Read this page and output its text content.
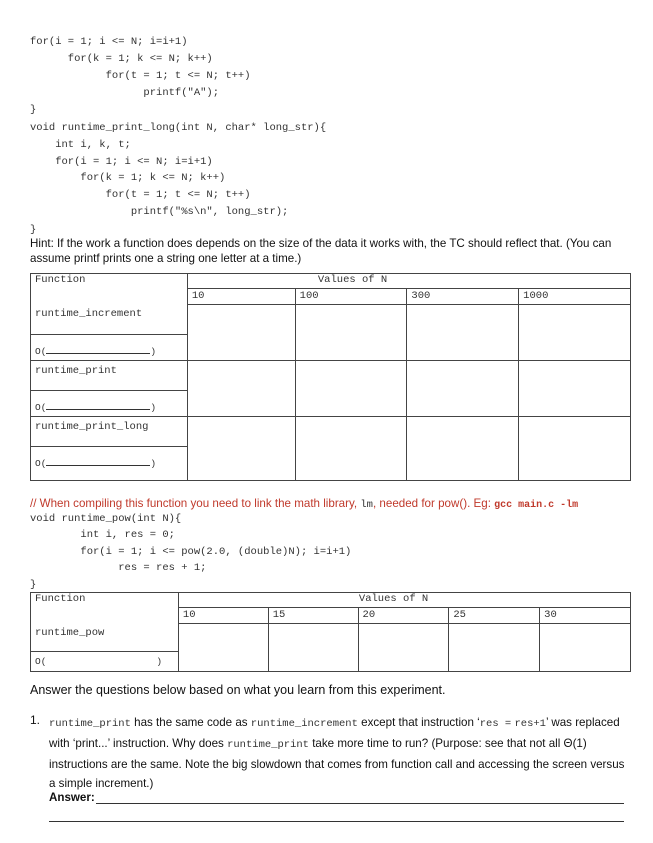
for(i = 1; i <= N; i=i+1)
for(k = 1; k <= N; k++)
for(t = 1; t <= N; t++)
printf("A");
}
void runtime_print_long(int N, char* long_str){
int i, k, t;
for(i = 1; i <= N; i=i+1)
for(k = 1; k <= N; k++)
for(t = 1; t <= N; t++)
printf("%s\n", long_str);
}
Hint: If the work a function does depends on the size of the data it works with, the TC should reflect that. (You can assume printf prints one a string one letter at a time.)
Function	Values of N			

	10	100	300	1000

runtime_increment				

O( )				

runtime_print				

O( )				

runtime_print_long				

O( )				
// When compiling this function you need to link the math library, lm, needed for pow(). Eg: gcc main.c -lm
void runtime_pow(int N){
int i, res = 0;
for(i = 1; i <= pow(2.0, (double)N); i=i+1)
res = res + 1;
}
Function	Values of N				

	10	15	20	25	30

runtime_pow					

O( )					
Answer the questions below based on what you learn from this experiment.
1. runtime_print has the same code as runtime_increment except that instruction ‘res = res+1’ was replaced with ‘print...’ instruction. Why does runtime_print take more time to run? (Purpose: see that not all Θ(1) instructions are the same. Note the big slowdown that comes from function call and accessing the screen versus a simple increment.)
Answer:
